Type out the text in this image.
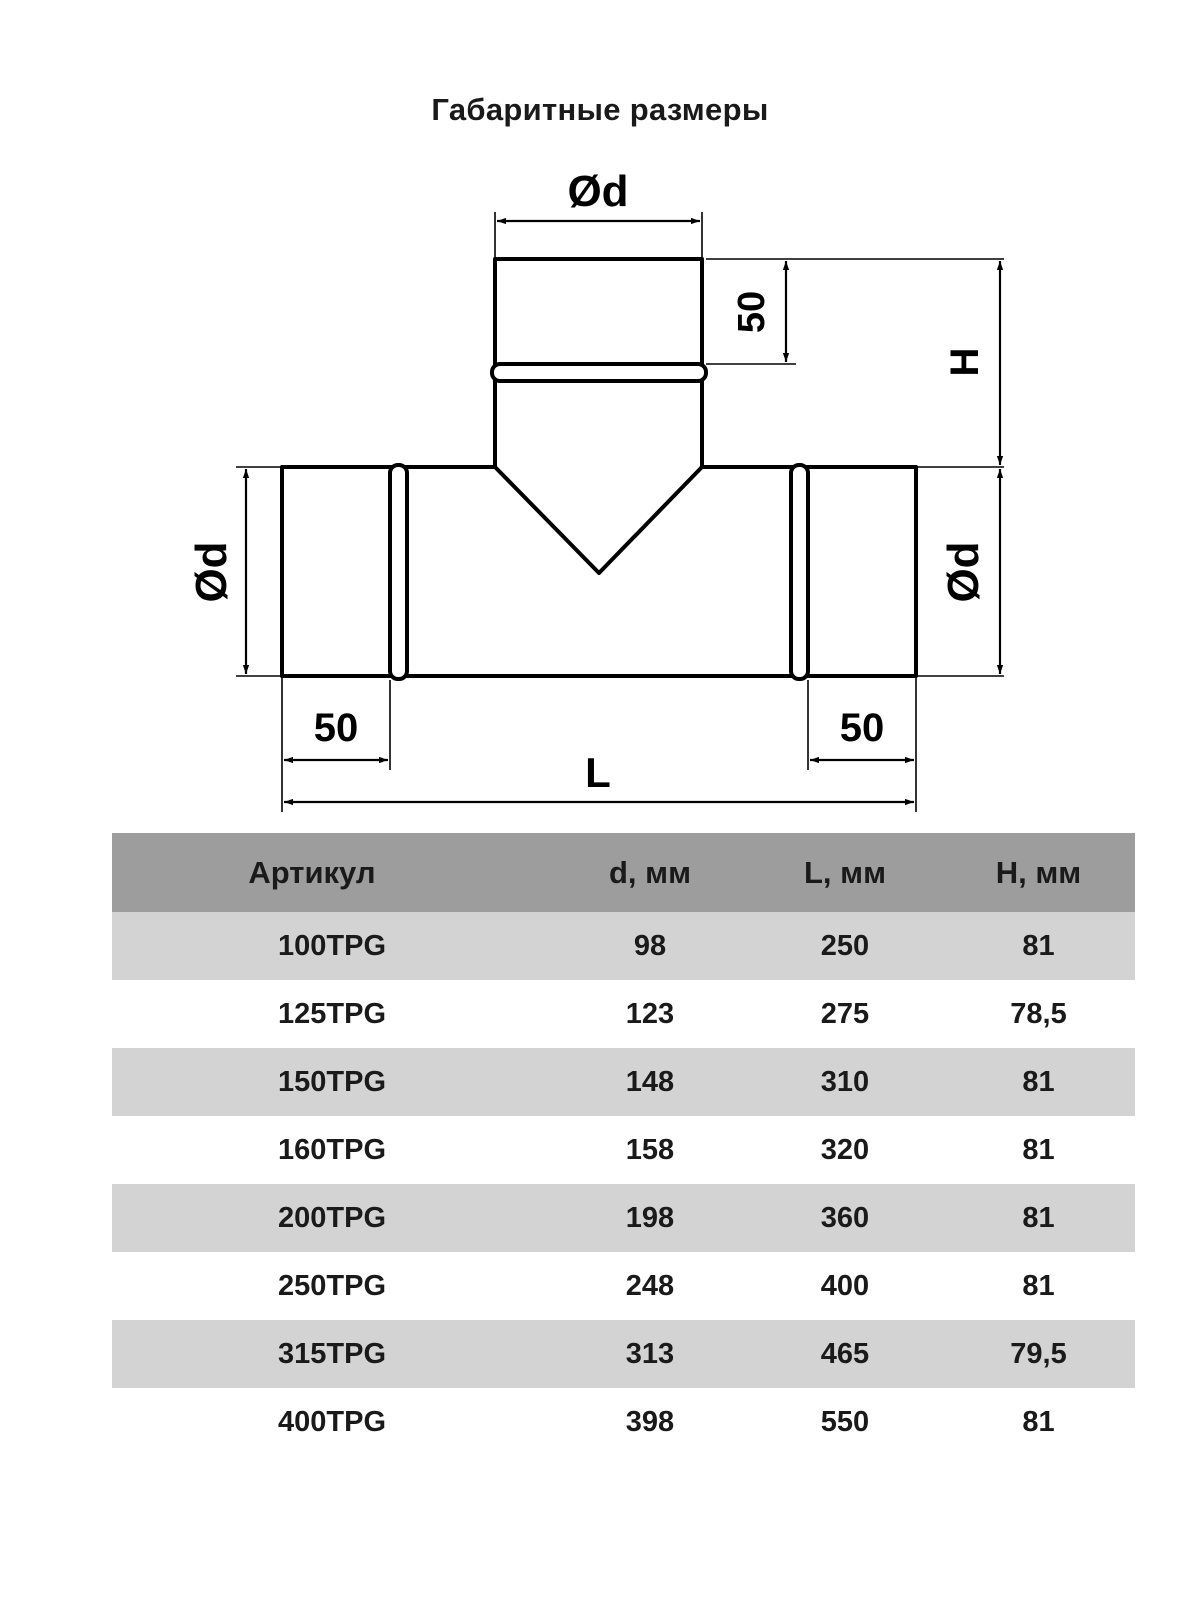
Габаритные размеры
Ød
50
H
Ød
Ød
50	50
L
Артикул	d, мм	L, мм	H, мм
100TPG	98	250	81
125TPG	123	275	78,5
150TPG	148	310	81
160TPG	158	320	81
200TPG	198	360	81
250TPG	248	400	81
315TPG	313	465	79,5
400TPG	398	550	81
